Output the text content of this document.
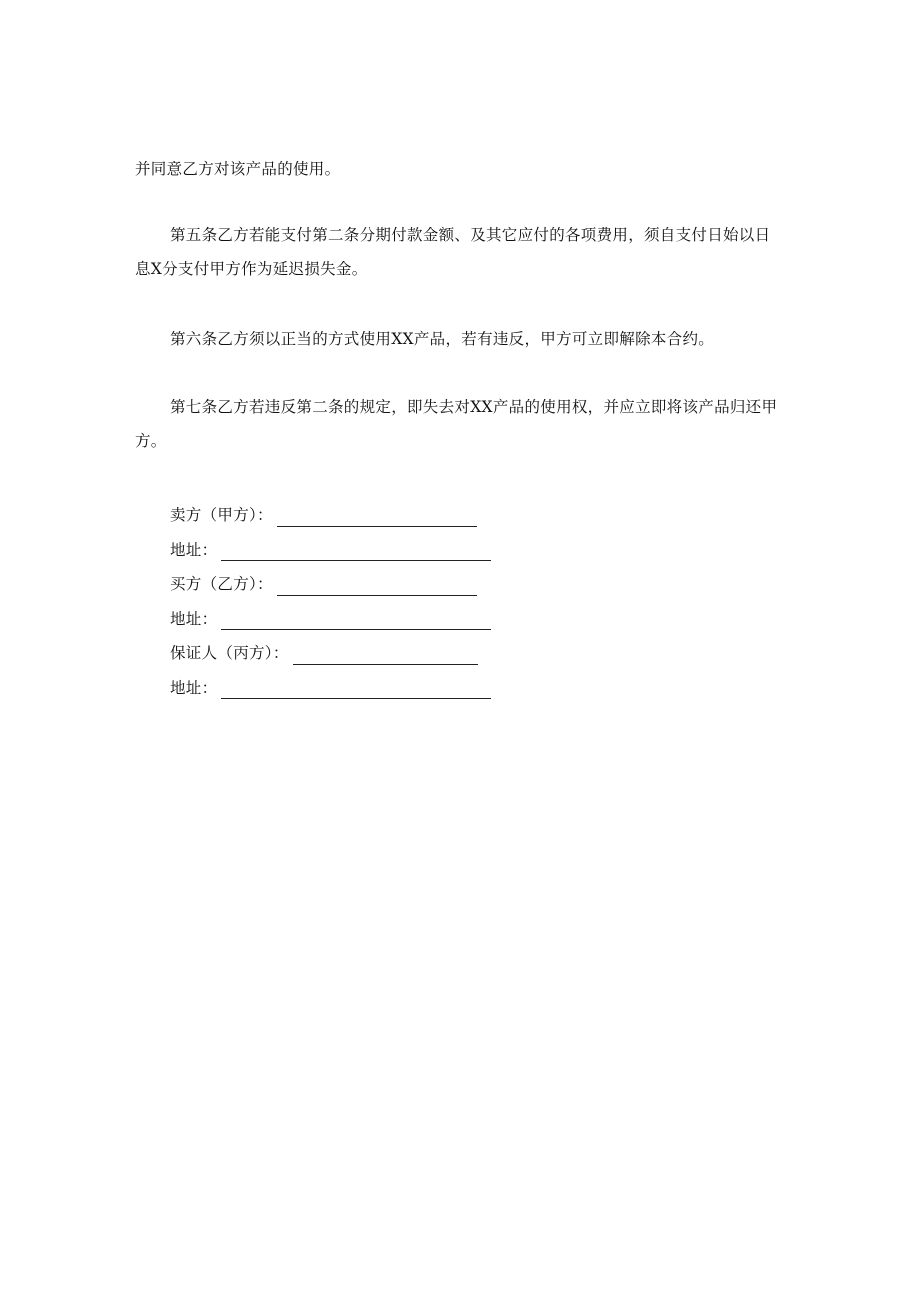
并同意乙方对该产品的使用。

第五条乙方若能支付第二条分期付款金额、及其它应付的各项费用，须自支付日始以日息X分支付甲方作为延迟损失金。

第六条乙方须以正当的方式使用XX产品，若有违反，甲方可立即解除本合约。

第七条乙方若违反第二条的规定，即失去对XX产品的使用权，并应立即将该产品归还甲方。

卖方（甲方）：
地址：
买方（乙方）：
地址：
保证人（丙方）：
地址：
